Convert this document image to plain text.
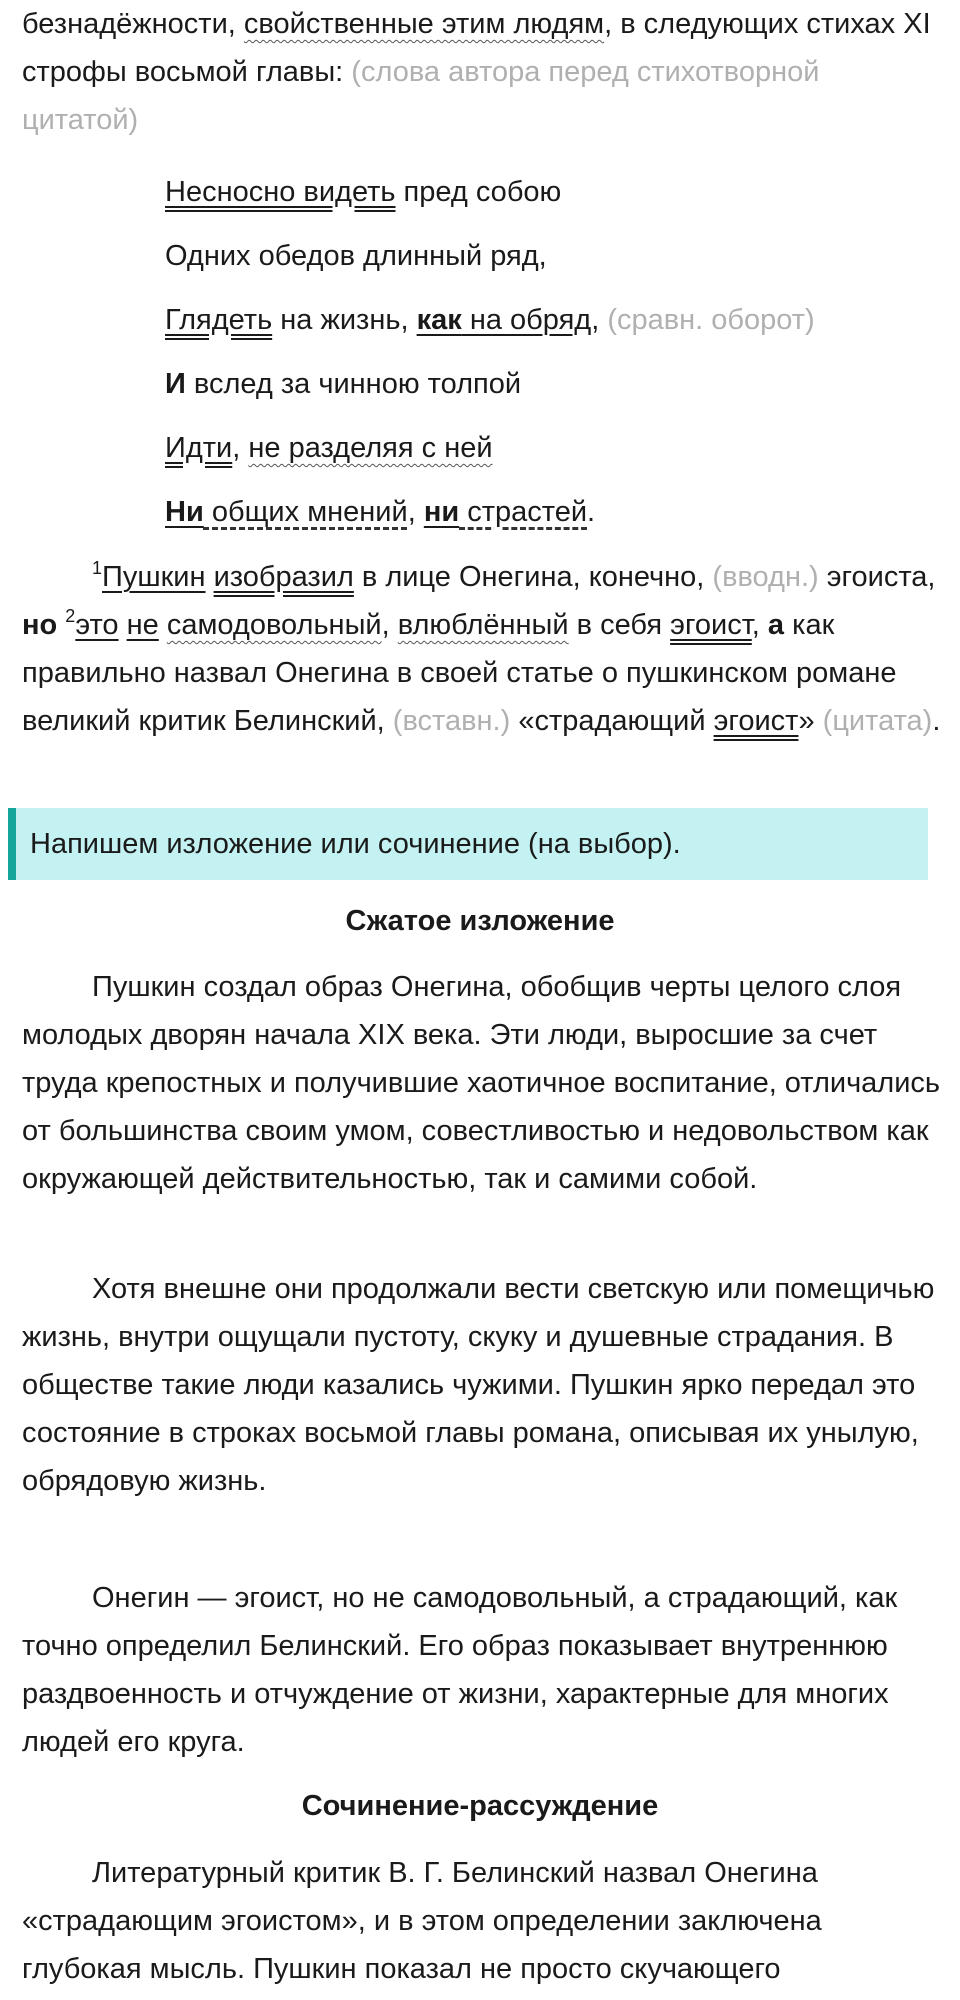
безнадёжности, свойственные этим людям, в следующих стихах XI строфы восьмой главы: (слова автора перед стихотворной цитатой)

Несносно видеть пред собою

Одних обедов длинный ряд,

Глядеть на жизнь, как на обряд, (сравн. оборот)

И вслед за чинною толпой

Идти, не разделяя с ней

Ни общих мнений, ни страстей.

$^1$Пушкин изобразил в лице Онегина, конечно, (вводн.) эгоиста, но $^2$это не самодовольный, влюблённый в себя эгоист, а как правильно назвал Онегина в своей статье о пушкинском романе великий критик Белинский, (вставн.) «страдающий эгоист» (цитата).

Напишем изложение или сочинение (на выбор).

Сжатое изложение

Пушкин создал образ Онегина, обобщив черты целого слоя молодых дворян начала XIX века. Эти люди, выросшие за счет труда крепостных и получившие хаотичное воспитание, отличались от большинства своим умом, совестливостью и недовольством как окружающей действительностью, так и самими собой.

Хотя внешне они продолжали вести светскую или помещичью жизнь, внутри ощущали пустоту, скуку и душевные страдания. В обществе такие люди казались чужими. Пушкин ярко передал это состояние в строках восьмой главы романа, описывая их унылую, обрядовую жизнь.

Онегин — эгоист, но не самодовольный, а страдающий, как точно определил Белинский. Его образ показывает внутреннюю раздвоенность и отчуждение от жизни, характерные для многих людей его круга.

Сочинение-рассуждение

Литературный критик В. Г. Белинский назвал Онегина «страдающим эгоистом», и в этом определении заключена глубокая мысль. Пушкин показал не просто скучающего
